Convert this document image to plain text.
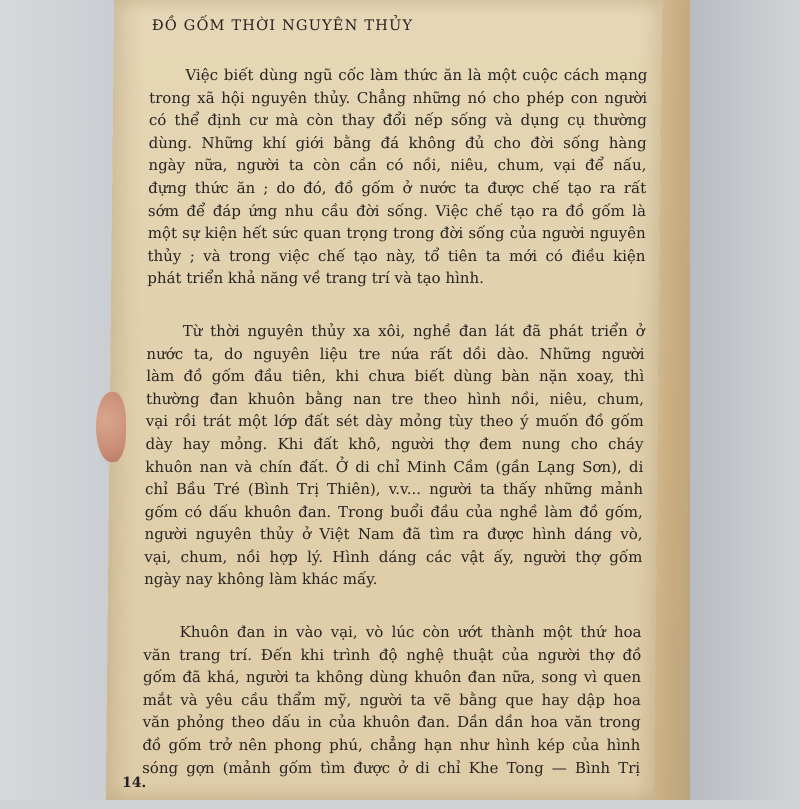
ĐỒ GỐM THỜI NGUYÊN THỦY
Việc biết dùng ngũ cốc làm thức ăn là một cuộc cách mạng
trong xã hội nguyên thủy. Chẳng những nó cho phép con người
có thể định cư mà còn thay đổi nếp sống và dụng cụ thường
dùng. Những khí giới bằng đá không đủ cho đời sống hàng
ngày nữa, người ta còn cần có nồi, niêu, chum, vại để nấu,
đựng thức ăn ; do đó, đồ gốm ở nước ta được chế tạo ra rất
sớm để đáp ứng nhu cầu đời sống. Việc chế tạo ra đồ gốm là
một sự kiện hết sức quan trọng trong đời sống của người nguyên
thủy ; và trong việc chế tạo này, tổ tiên ta mới có điều kiện
phát triển khả năng về trang trí và tạo hình.
Từ thời nguyên thủy xa xôi, nghề đan lát đã phát triển ở
nước ta, do nguyên liệu tre nứa rất dồi dào. Những người
làm đồ gốm đầu tiên, khi chưa biết dùng bàn nặn xoay, thì
thường đan khuôn bằng nan tre theo hình nồi, niêu, chum,
vại rồi trát một lớp đất sét dày mỏng tùy theo ý muốn đồ gốm
dày hay mỏng. Khi đất khô, người thợ đem nung cho cháy
khuôn nan và chín đất. Ở di chỉ Minh Cầm (gần Lạng Sơn), di
chỉ Bầu Tré (Bình Trị Thiên), v.v... người ta thấy những mảnh
gốm có dấu khuôn đan. Trong buổi đầu của nghề làm đồ gốm,
người nguyên thủy ở Việt Nam đã tìm ra được hình dáng vò,
vại, chum, nồi hợp lý. Hình dáng các vật ấy, người thợ gốm
ngày nay không làm khác mấy.
Khuôn đan in vào vại, vò lúc còn ướt thành một thứ hoa
văn trang trí. Đến khi trình độ nghệ thuật của người thợ đồ
gốm đã khá, người ta không dùng khuôn đan nữa, song vì quen
mắt và yêu cầu thẩm mỹ, người ta vẽ bằng que hay dập hoa
văn phỏng theo dấu in của khuôn đan. Dần dần hoa văn trong
đồ gốm trở nên phong phú, chẳng hạn như hình kép của hình
sóng gợn (mảnh gốm tìm được ở di chỉ Khe Tong — Bình Trị
14.
